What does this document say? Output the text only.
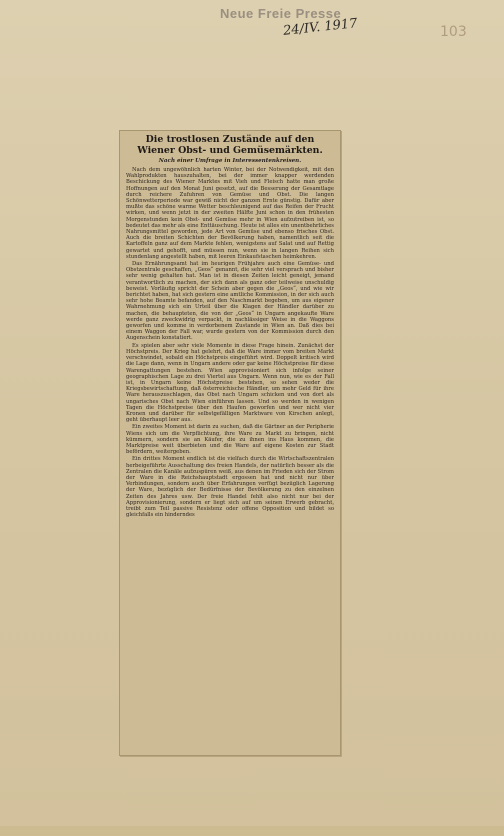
Neue Freie Presse
24/IV. 1917	103
Die trostlosen Zustände auf den Wiener Obst- und Gemüsemärkten.
Nach einer Umfrage in Interessentenkreisen.

Nach dem ungewöhnlich harten Winter, bei der Notwendigkeit, mit den Wahlprodukten hauszuhalten, bei der immer knapper werdenden Beschickung des Wiener Marktes mit Vieh und Fleisch hatte man große Hoffnungen auf den Monat Juni gesetzt, auf die Besserung der Gesamtlage durch reichere Zufuhren von Gemüse und Obst. Die langen Schönwetterperiode war gewiß nicht der ganzen Ernte günstig. Dafür aber mußte das schöne warme Wetter beschleunigend auf das Reifen der Frucht wirken, und wenn jetzt in der zweiten Hälfte Juni schon in den frühesten Morgenstunden kein Obst- und Gemüse mehr in Wien aufzutreiben ist, so bedeutet das mehr als eine Enttäuschung. Heute ist alles ein unentbehrliches Nahrungsmittel geworden, jede Art von Gemüse und ebenso frisches Obst. Auch die breiten Schichten der Bevölkerung haben, namentlich seit die Kartoffeln ganz auf dem Markte fehlen, wenigstens auf Salat und auf Rettig gewartet und gehofft, und müssen nun, wenn sie in langen Reihen sich stundenlang angestellt haben, mit leeren Einkaufstaschen heimkehren.

Das Ernährungsamt hat im heurigen Frühjahre auch eine Gemüse- und Obstzentrale geschaffen, „Geos“ genannt, die sehr viel versprach und bisher sehr wenig gehalten hat. Man ist in diesen Zeiten leicht geneigt, jemand verantwortlich zu machen, der sich dann als ganz oder teilweise unschuldig beweist. Vorläufig spricht der Schein aber gegen die „Geos“, und wie wir berichtet haben, hat sich gestern eine amtliche Kommission, in der sich auch sehr hohe Beamte befanden, auf den Naschmarkt begeben, um aus eigener Wahrnehmung sich ein Urteil über die Klagen der Händler darüber zu machen, die behaupteten, die von der „Geos“ in Ungarn angekaufte Ware werde ganz zweckwidrig verpackt, in nachlässiger Weise in die Waggons geworfen und komme in verdorbenem Zustande in Wien an. Daß dies bei einem Waggon der Fall war, wurde gestern von der Kommission durch den Augenschein konstatiert.

Es spielen aber sehr viele Momente in diese Frage hinein. Zunächst der Höchstpreis. Der Krieg hat gelehrt, daß die Ware immer vom breiten Markt verschwindet, sobald ein Höchstpreis eingeführt wird. Doppelt kritisch wird die Lage dann, wenn in Ungarn andere oder gar keine Höchstpreise für diese Warengattungen bestehen. Wien approvisioniert sich infolge seiner geographischen Lage zu drei Viertel aus Ungarn. Wenn nun, wie es der Fall ist, in Ungarn keine Höchstpreise bestehen, so sehen weder die Kriegsbewirtschaftung, daß österreichische Händler, um mehr Geld für ihre Ware herauszuschlagen, das Obst nach Ungarn schicken und von dort als ungarisches Obst nach Wien einführen lassen. Und so werden in wenigen Tagen die Höchstpreise über den Haufen geworfen und wer nicht vier Kronen und darüber für selbstgefälligen Marktware von Kirschen anlegt, geht überhaupt leer aus.

Ein zweites Moment ist darin zu suchen, daß die Gärtner an der Peripherie Wiens sich um die Verpflichtung, ihre Ware zu Markt zu bringen, nicht kümmern, sondern sie an Käufer, die zu ihnen ins Haus kommen, die Marktpreise weit überbieten und die Ware auf eigene Kosten zur Stadt befördern, weitergeben.

Ein drittes Moment endlich ist die vielfach durch die Wirtschaftszentralen herbeigeführte Ausschaltung des freien Handels, der natürlich besser als die Zentralen die Kanäle aufzuspüren weiß, aus denen im Frieden sich der Strom der Ware in die Reichshauptstadt ergossen hat und nicht nur über Verbindungen, sondern auch über Erfahrungen verfügt bezüglich Lagerung der Ware, bezüglich der Bedürfnisse der Bevölkerung zu den einzelnen Zeiten des Jahres usw. Der freie Handel fehlt also nicht nur bei der Approvisionierung, sondern er liegt sich auf um seinen Erwerb gebracht, treibt zum Teil passive Resistenz oder offene Opposition und bildet so gleichfalls ein hinderndes
